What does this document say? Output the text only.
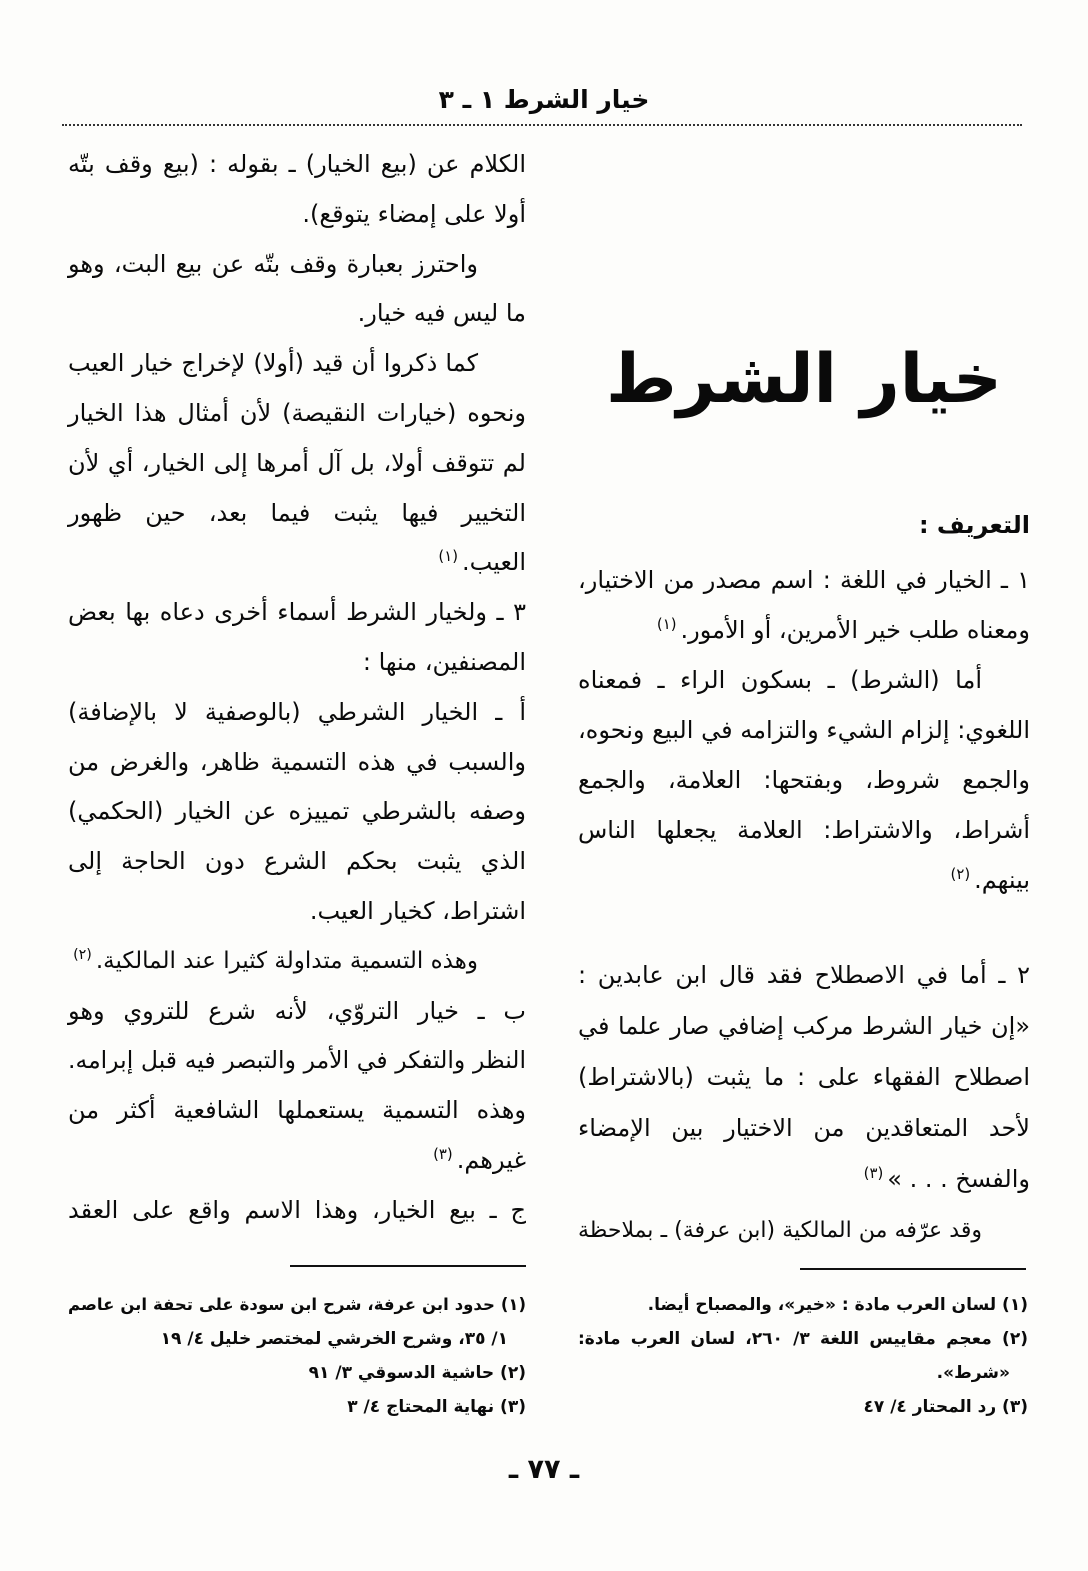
خيار الشرط ١ ـ ٣
الكلام عن (بيع الخيار) ـ بقوله : (بيع وقف بتّه
أولا على إمضاء يتوقع).
واحترز بعبارة وقف بتّه عن بيع البت، وهو
ما ليس فيه خيار.
كما ذكروا أن قيد (أولا) لإخراج خيار العيب
ونحوه (خيارات النقيصة) لأن أمثال هذا الخيار
لم تتوقف أولا، بل آل أمرها إلى الخيار، أي لأن
التخيير فيها يثبت فيما بعد، حين ظهور
العيب.$^{(١)}$
٣ ـ ولخيار الشرط أسماء أخرى دعاه بها بعض
المصنفين، منها :
أ ـ الخيار الشرطي (بالوصفية لا بالإضافة)
والسبب في هذه التسمية ظاهر، والغرض من
وصفه بالشرطي تمييزه عن الخيار (الحكمي)
الذي يثبت بحكم الشرع دون الحاجة إلى
اشتراط، كخيار العيب.
وهذه التسمية متداولة كثيرا عند المالكية.$^{(٢)}$
ب ـ خيار التروّي، لأنه شرع للتروي وهو
النظر والتفكر في الأمر والتبصر فيه قبل إبرامه.
وهذه التسمية يستعملها الشافعية أكثر من
غيرهم.$^{(٣)}$
ج ـ بيع الخيار، وهذا الاسم واقع على العقد
خيار الشرط
التعريف :
١ ـ الخيار في اللغة : اسم مصدر من الاختيار،
ومعناه طلب خير الأمرين، أو الأمور.$^{(١)}$
أما (الشرط) ـ بسكون الراء ـ فمعناه
اللغوي: إلزام الشيء والتزامه في البيع ونحوه،
والجمع شروط، وبفتحها: العلامة، والجمع
أشراط، والاشتراط: العلامة يجعلها الناس
بينهم.$^{(٢)}$
٢ ـ أما في الاصطلاح فقد قال ابن عابدين :
«إن خيار الشرط مركب إضافي صار علما في
اصطلاح الفقهاء على : ما يثبت (بالاشتراط)
لأحد المتعاقدين من الاختيار بين الإمضاء
والفسخ . . . »$^{(٣)}$
وقد عرّفه من المالكية (ابن عرفة) ـ بملاحظة
(١) حدود ابن عرفة، شرح ابن سودة على تحفة ابن عاصم
١/ ٣٥، وشرح الخرشي لمختصر خليل ٤/ ١٩
(٢) حاشية الدسوقي ٣/ ٩١
(٣) نهاية المحتاج ٤/ ٣
(١) لسان العرب مادة : «خير»، والمصباح أيضا.
(٢) معجم مقاييس اللغة ٣/ ٢٦٠، لسان العرب مادة:
«شرط».
(٣) رد المحتار ٤/ ٤٧
ـ ٧٧ ـ
